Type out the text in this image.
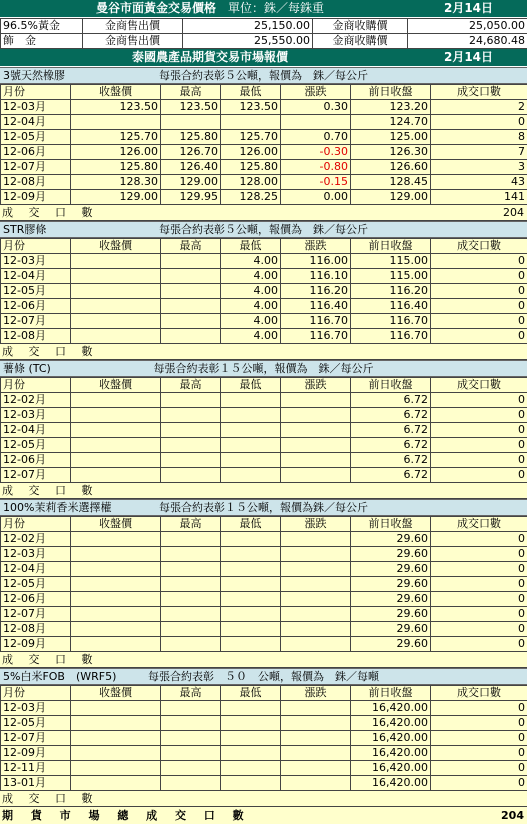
曼谷市面黃金交易價格　 單位：銖／每銖重	2月14日
96.5%黃金	金商售出價	25,150.00	金商收購價	25,050.00
飾　金	金商售出價	25,550.00	金商收購價	24,680.48
泰國農產品期貨交易市場報價	2月14日
3號天然橡膠	每張合約表彰５公噸，報價為　銖／每公斤
月份	收盤價	最高	最低	漲跌	前日收盤	成交口數
12-03月	123.50	123.50	123.50	0.30	123.20	2
12-04月					124.70	0
12-05月	125.70	125.80	125.70	0.70	125.00	8
12-06月	126.00	126.70	126.00	-0.30	126.30	7
12-07月	125.80	126.40	125.80	-0.80	126.60	3
12-08月	128.30	129.00	128.00	-0.15	128.45	43
12-09月	129.00	129.95	128.25	0.00	129.00	141
成 交 口 數	204
STR膠條	每張合約表彰５公噸，報價為　銖／每公斤
月份	收盤價	最高	最低	漲跌	前日收盤	成交口數
12-03月			4.00	116.00	115.00	0
12-04月			4.00	116.10	115.00	0
12-05月			4.00	116.20	116.20	0
12-06月			4.00	116.40	116.40	0
12-07月			4.00	116.70	116.70	0
12-08月			4.00	116.70	116.70	0
成 交 口 數
薯條 (TC)	每張合約表彰１５公噸，報價為　銖／每公斤
月份	收盤價	最高	最低	漲跌	前日收盤	成交口數
12-02月					6.72	0
12-03月					6.72	0
12-04月					6.72	0
12-05月					6.72	0
12-06月					6.72	0
12-07月					6.72	0
成 交 口 數
100%茉莉香米選擇權	每張合約表彰１５公噸，報價為銖／每公斤
月份	收盤價	最高	最低	漲跌	前日收盤	成交口數
12-02月					29.60	0
12-03月					29.60	0
12-04月					29.60	0
12-05月					29.60	0
12-06月					29.60	0
12-07月					29.60	0
12-08月					29.60	0
12-09月					29.60	0
成 交 口 數
5%白米FOB　(WRF5)	每張合約表彰　５０　公噸，報價為　銖／每噸
月份	收盤價	最高	最低	漲跌	前日收盤	成交口數
12-03月					16,420.00	0
12-05月					16,420.00	0
12-07月					16,420.00	0
12-09月					16,420.00	0
12-11月					16,420.00	0
13-01月					16,420.00	0
成 交 口 數
期 貨 市 場 總 成 交 口 數	204
